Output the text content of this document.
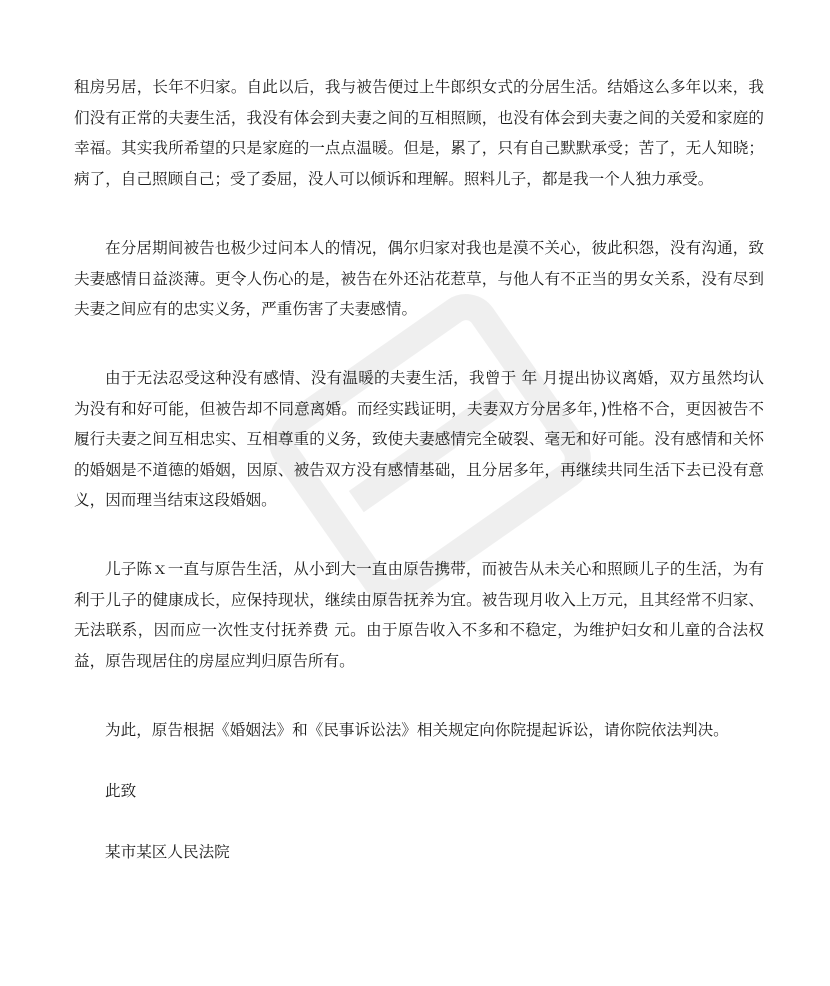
租房另居，长年不归家。自此以后，我与被告便过上牛郎织女式的分居生活。结婚这么多年以来，我们没有正常的夫妻生活，我没有体会到夫妻之间的互相照顾，也没有体会到夫妻之间的关爱和家庭的幸福。其实我所希望的只是家庭的一点点温暖。但是，累了，只有自己默默承受；苦了，无人知晓；病了，自己照顾自己；受了委屈，没人可以倾诉和理解。照料儿子，都是我一个人独力承受。

在分居期间被告也极少过问本人的情况，偶尔归家对我也是漠不关心，彼此积怨，没有沟通，致夫妻感情日益淡薄。更令人伤心的是，被告在外还沾花惹草，与他人有不正当的男女关系，没有尽到夫妻之间应有的忠实义务，严重伤害了夫妻感情。

由于无法忍受这种没有感情、没有温暖的夫妻生活，我曾于 年 月提出协议离婚，双方虽然均认为没有和好可能，但被告却不同意离婚。而经实践证明，夫妻双方分居多年，)性格不合，更因被告不履行夫妻之间互相忠实、互相尊重的义务，致使夫妻感情完全破裂、毫无和好可能。没有感情和关怀的婚姻是不道德的婚姻，因原、被告双方没有感情基础，且分居多年，再继续共同生活下去已没有意义，因而理当结束这段婚姻。

儿子陈ｘ一直与原告生活，从小到大一直由原告携带，而被告从未关心和照顾儿子的生活，为有利于儿子的健康成长，应保持现状，继续由原告抚养为宜。被告现月收入上万元，且其经常不归家、无法联系，因而应一次性支付抚养费 元。由于原告收入不多和不稳定，为维护妇女和儿童的合法权益，原告现居住的房屋应判归原告所有。

为此，原告根据《婚姻法》和《民事诉讼法》相关规定向你院提起诉讼，请你院依法判决。

此致

某市某区人民法院
